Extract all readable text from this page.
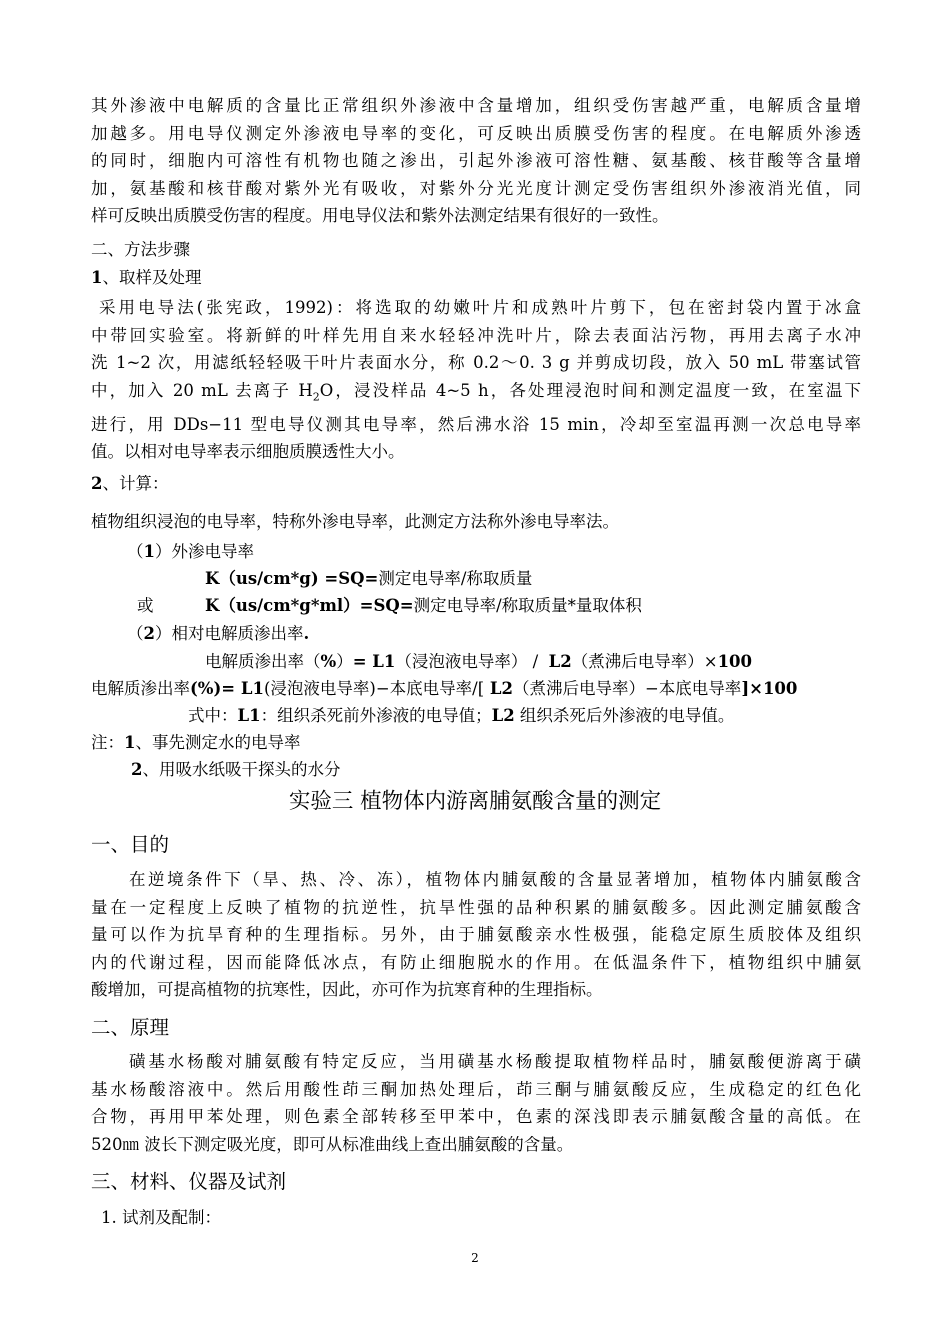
其外渗液中电解质的含量比正常组织外渗液中含量增加，组织受伤害越严重，电解质含量增
加越多。用电导仪测定外渗液电导率的变化，可反映出质膜受伤害的程度。在电解质外渗透
的同时，细胞内可溶性有机物也随之渗出，引起外渗液可溶性糖、氨基酸、核苷酸等含量增
加，氨基酸和核苷酸对紫外光有吸收，对紫外分光光度计测定受伤害组织外渗液消光值，同
样可反映出质膜受伤害的程度。用电导仪法和紫外法测定结果有很好的一致性。
二、方法步骤
1、取样及处理
采用电导法(张宪政，1992)：将选取的幼嫩叶片和成熟叶片剪下，包在密封袋内置于冰盒
中带回实验室。将新鲜的叶样先用自来水轻轻冲洗叶片，除去表面沾污物，再用去离子水冲
洗 1~2 次，用滤纸轻轻吸干叶片表面水分，称 0.2～0. 3 g 并剪成切段，放入 50 mL 带塞试管
中，加入 20 mL 去离子 $H_2O$，浸没样品 4~5 h，各处理浸泡时间和测定温度一致，在室温下
进行，用 DDs−11 型电导仪测其电导率，然后沸水浴 15 min，冷却至室温再测一次总电导率
值。以相对电导率表示细胞质膜透性大小。
2、计算：
植物组织浸泡的电导率，特称外渗电导率，此测定方法称外渗电导率法。
（1）外渗电导率
K（us/cm*g) =SQ=测定电导率/称取质量
或	K（us/cm*g*ml）=SQ=测定电导率/称取质量*量取体积
（2）相对电解质渗出率.
电解质渗出率（%）= L1（浸泡液电导率） / L2（煮沸后电导率）×100
电解质渗出率(%)= L1(浸泡液电导率)−本底电导率/[ L2（煮沸后电导率）−本底电导率]×100
式中：L1：组织杀死前外渗液的电导值；L2 组织杀死后外渗液的电导值。
注：1、事先测定水的电导率
2、用吸水纸吸干探头的水分
实验三 植物体内游离脯氨酸含量的测定
一、目的
在逆境条件下（旱、热、冷、冻），植物体内脯氨酸的含量显著增加，植物体内脯氨酸含
量在一定程度上反映了植物的抗逆性，抗旱性强的品种积累的脯氨酸多。因此测定脯氨酸含
量可以作为抗旱育种的生理指标。另外，由于脯氨酸亲水性极强，能稳定原生质胶体及组织
内的代谢过程，因而能降低冰点，有防止细胞脱水的作用。在低温条件下，植物组织中脯氨
酸增加，可提高植物的抗寒性，因此，亦可作为抗寒育种的生理指标。
二、原理
磺基水杨酸对脯氨酸有特定反应，当用磺基水杨酸提取植物样品时，脯氨酸便游离于磺
基水杨酸溶液中。然后用酸性茚三酮加热处理后，茚三酮与脯氨酸反应，生成稳定的红色化
合物，再用甲苯处理，则色素全部转移至甲苯中，色素的深浅即表示脯氨酸含量的高低。在
520㎚ 波长下测定吸光度，即可从标准曲线上查出脯氨酸的含量。
三、材料、仪器及试剂
1. 试剂及配制：
2
